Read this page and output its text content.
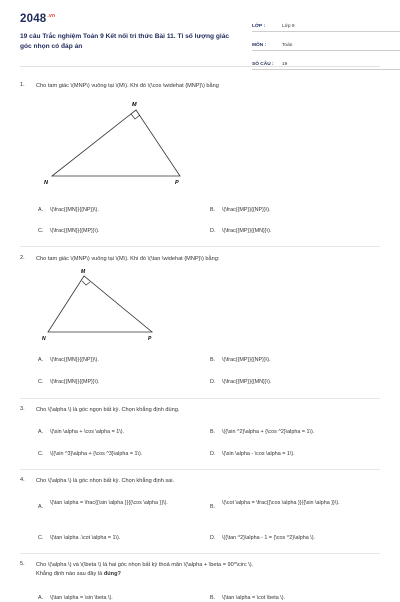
$2048^{.vn}$
19 câu Trắc nghiệm Toán 9 Kết nối tri thức Bài 11. Tỉ số lượng giác góc nhọn có đáp án
LỚP :	Lớp 9
MÔN :	Toán
SỐ CÂU : 19
1. Cho tam giác \(MNP\) vuông tại \(M\). Khi đó \(\cos \widehat {MNP}\) bằng
M
N	P
A. \(\frac{{MN}}{{NP}}\).	B. \(\frac{{MP}}{{NP}}\).
C. \(\frac{{MN}}{{MP}}\).	D. \(\frac{{MP}}{{MN}}\).
2. Cho tam giác \(MNP\) vuông tại \(M\). Khi đó \(\tan \widehat {MNP}\) bằng:
M
N	P
A. \(\frac{{MN}}{{NP}}\).	B. \(\frac{{MP}}{{NP}}\).
C. \(\frac{{MN}}{{MP}}\).	D. \(\frac{{MP}}{{MN}}\).
3. Cho \(\alpha \) là góc ngọn bất kỳ. Chọn khẳng định đúng.
A. \(\sin \alpha + \cos \alpha = 1\).	B. \({\sin ^2}\alpha + {\cos ^2}\alpha = 1\).
C. \({\sin ^3}\alpha + {\cos ^3}\alpha = 1\).	D. \(\sin \alpha - \cos \alpha = 1\).
4. Cho \(\alpha \) là góc nhọn bất kỳ. Chọn khẳng định sai.
A.
\(\tan \alpha = \frac{{\sin \alpha }}{{\cos \alpha }}\).
B.
\(\cot \alpha = \frac{{\cos \alpha }}{{\sin \alpha }}\).
C. \(\tan \alpha .\cot \alpha = 1\).	D. \({\tan ^2}\alpha - 1 = {\cos ^2}\alpha \).
5. Cho \(\alpha \) và \(\beta \) là hai góc nhọn bất kỳ thoả mãn \(\alpha + \beta = 90^\circ \).
Khẳng định nào sau đây là đúng?
A. \(\tan \alpha = \sin \beta \).	B. \(\tan \alpha = \cot \beta \).
